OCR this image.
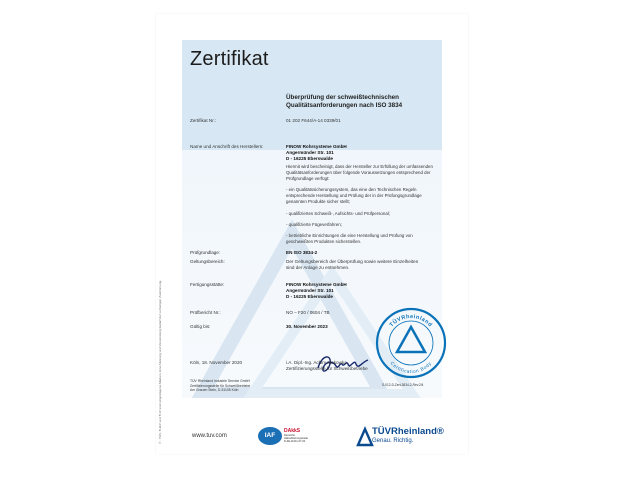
Zertifikat
Überprüfung der schweißtechnischen Qualitätsanforderungen nach ISO 3834
Zertifikat Nr.:	01 202 F644/A-14 0339/01
Name und Anschrift des Herstellers:	FINOW Rohrsysteme GmbH
Angermünder Str. 101
D - 16225 Eberswalde
Hiermit wird bescheinigt, dass der Hersteller zur Erfüllung der umfassenden Qualitätsanforderungen über folgende Voraussetzungen entsprechend der Prüfgrundlage verfügt:
- ein Qualitätssicherungssystem, das eine den Technischen Regeln entsprechende Herstellung und Prüfung der in der Prüfungsgrundlage genannten Produkte sicher stellt;
- qualifiziertes Schweiß-, Aufsichts- und Prüfpersonal;
- qualifizierte Fügeverfahren;
- betriebliche Einrichtungen die eine Herstellung und Prüfung von geschweißten Produkten sicherstellen.
Prüfgrundlage:	EN ISO 3834-2
Geltungsbereich:	Der Geltungsbereich der Überprüfung sowie weitere Einzelheiten sind der Anlage zu entnehmen.
Fertigungsstätte:	FINOW Rohrsysteme GmbH
Angermünder Str. 101
D - 16225 Eberswalde
Prüfbericht Nr.:	NO – F20 / 0604 / TB
Gültig bis:	30. November 2023	TÜVRheinland
Certification Body
Köln, 18. November 2020	i.A. Dipl.-Ing. Achim Makowka
Zertifizierungsstelle für Schweißbetriebe
TÜV Rheinland Industrie Service GmbH
Zertifizierungsstelle für Schweißbetriebe
Am Grauen Stein, D-51105 Köln
S-012-D-Zert-3834-2-Rev.2/4
® · TÜV, TUEV und TUV sind eingetragene Marken. Eine Nutzung und Verwendung bedarf der vorherigen Zustimmung.	www.tuv.com	IAF
DAkkS
Deutsche Akkreditierungsstelle D-ZE-11011-07-00
TÜVRheinland®
Genau. Richtig.
